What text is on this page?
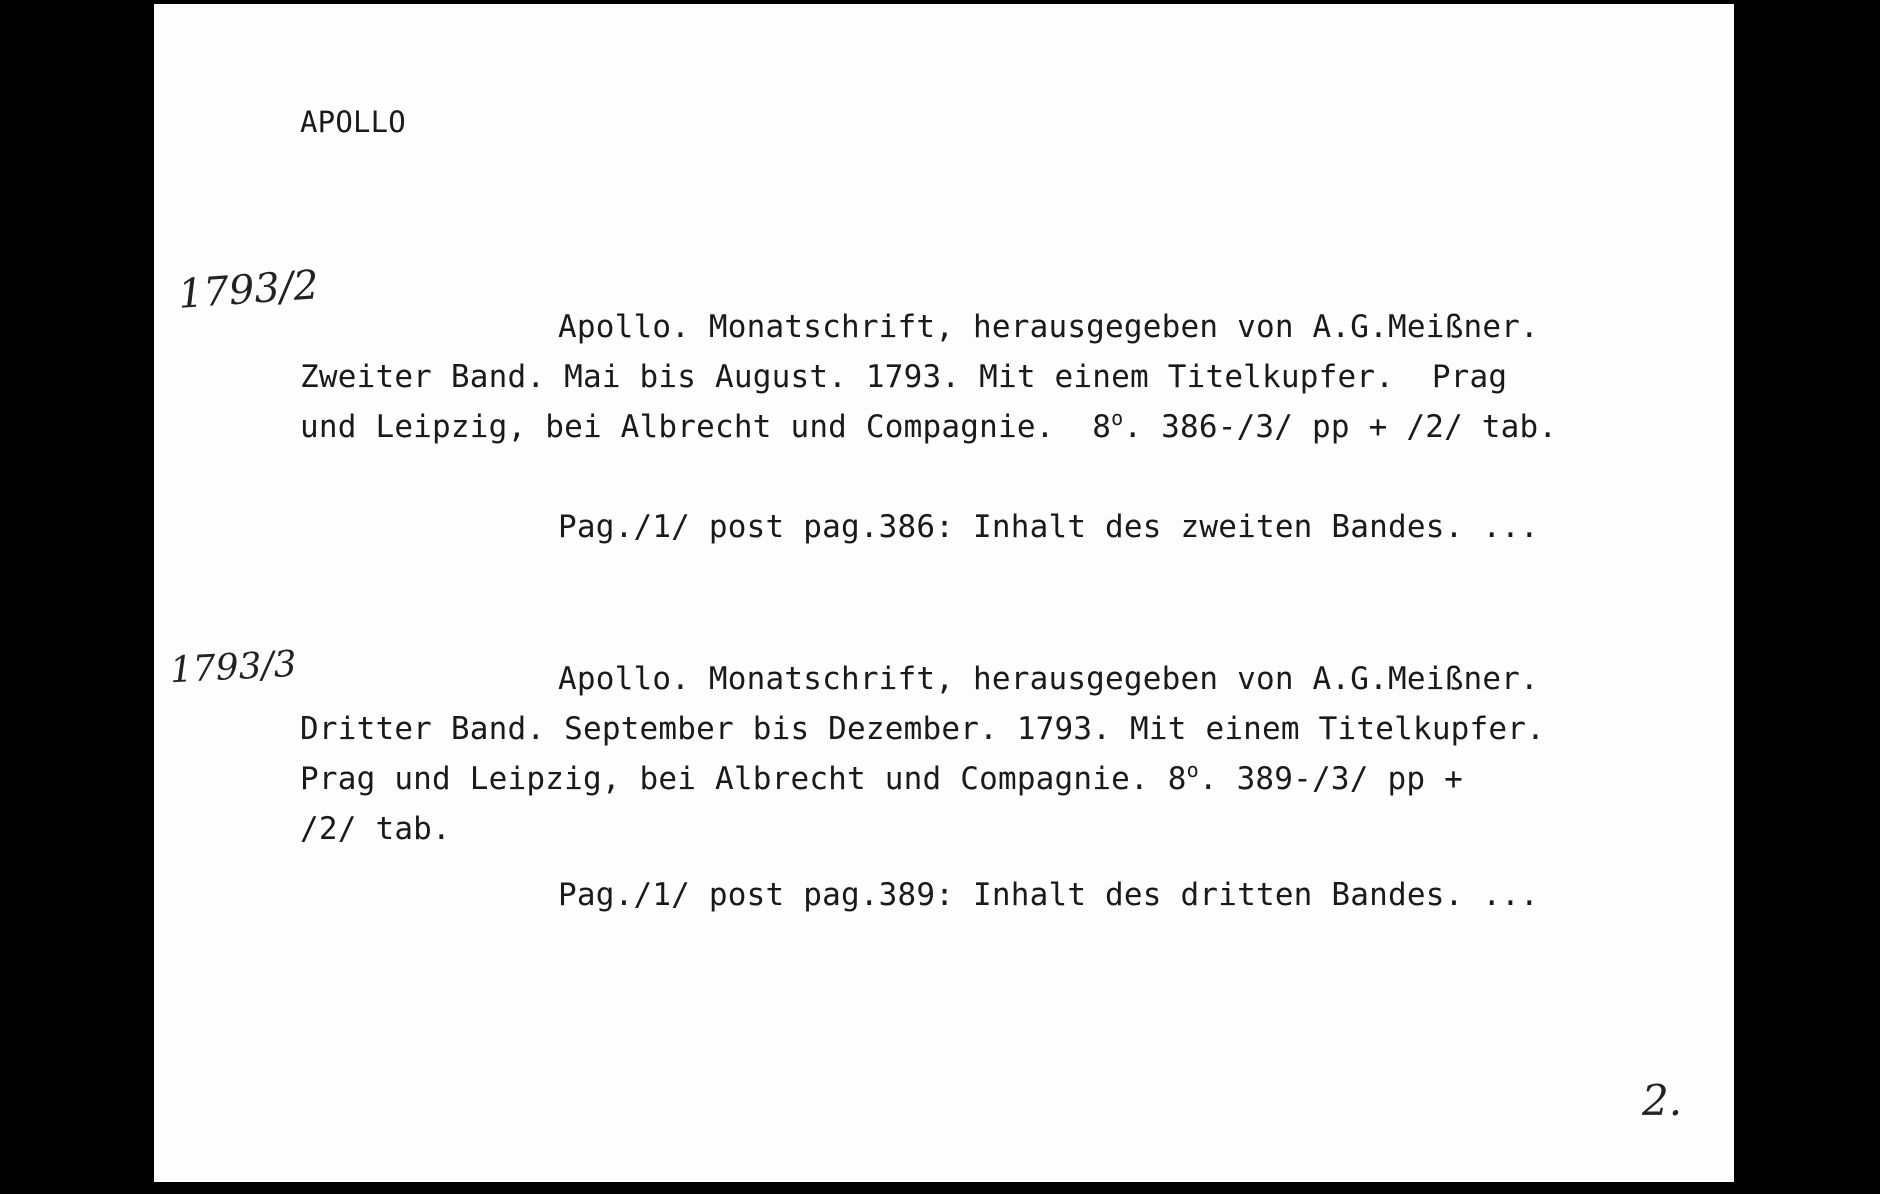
APOLLO
1793/2
Apollo. Monatschrift, herausgegeben von A.G.Meißner.
Zweiter Band. Mai bis August. 1793. Mit einem Titelkupfer.  Prag
und Leipzig, bei Albrecht und Compagnie.  8$^o$. 386-/3/ pp + /2/ tab.
Pag./1/ post pag.386: Inhalt des zweiten Bandes. ...
1793/3	Apollo. Monatschrift, herausgegeben von A.G.Meißner.
Dritter Band. September bis Dezember. 1793. Mit einem Titelkupfer.
Prag und Leipzig, bei Albrecht und Compagnie. 8$^o$. 389-/3/ pp +
/2/ tab.
Pag./1/ post pag.389: Inhalt des dritten Bandes. ...
2.
